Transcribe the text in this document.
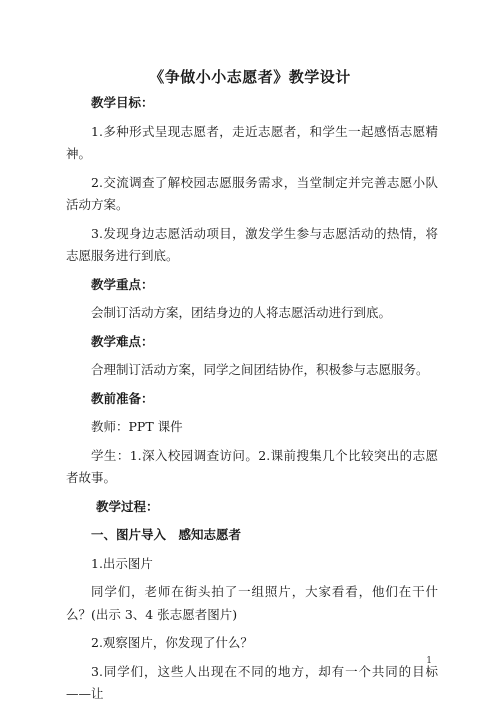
《争做小小志愿者》教学设计
教学目标：
1.多种形式呈现志愿者，走近志愿者，和学生一起感悟志愿精神。
2.交流调查了解校园志愿服务需求，当堂制定并完善志愿小队活动方案。
3.发现身边志愿活动项目，激发学生参与志愿活动的热情，将志愿服务进行到底。
教学重点：
会制订活动方案，团结身边的人将志愿活动进行到底。
教学难点：
合理制订活动方案，同学之间团结协作，积极参与志愿服务。
教前准备：
教师：PPT 课件
学生：1.深入校园调查访问。2.课前搜集几个比较突出的志愿者故事。
教学过程：
一、图片导入　感知志愿者
1.出示图片
同学们，老师在街头拍了一组照片，大家看看，他们在干什么？(出示 3、4 张志愿者图片)
2.观察图片，你发现了什么？
3.同学们，这些人出现在不同的地方，却有一个共同的目标——让
1
